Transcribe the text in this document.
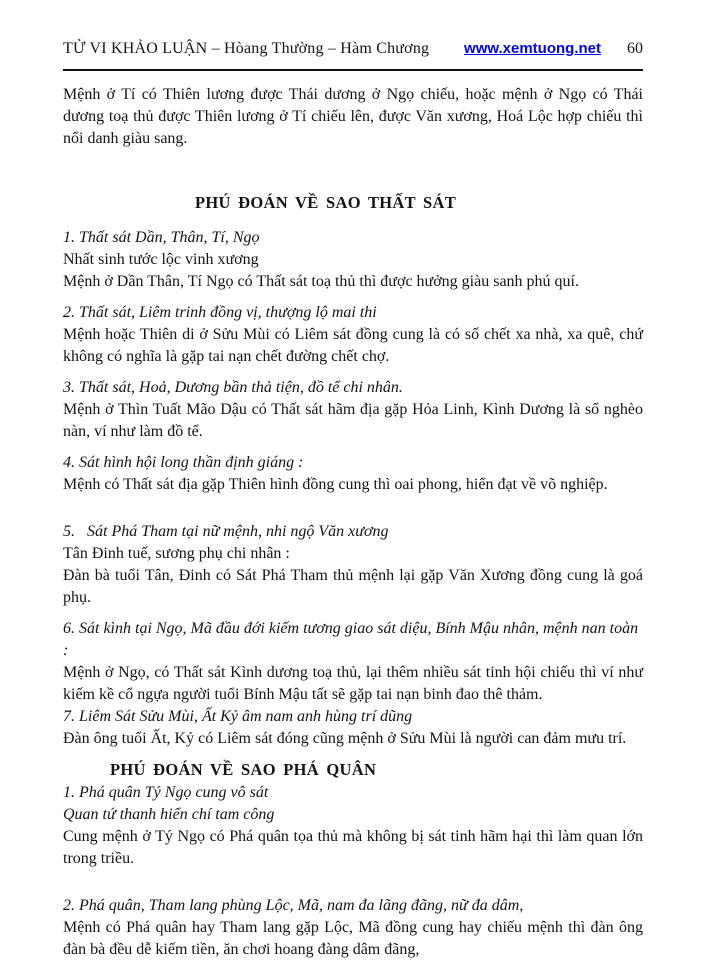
TỬ VI KHẢO LUẬN – Hòang Thường – Hàm Chương	www.xemtuong.net 60

Mệnh ở Tí có Thiên lương được Thái dương ở Ngọ chiếu, hoặc mệnh ở Ngọ có Thái dương toạ thủ được Thiên lương ở Tí chiếu lên, được Văn xương, Hoá Lộc hợp chiếu thì nổi danh giàu sang.

PHÚ ĐOÁN VỀ SAO THẤT SÁT
1. Thất sát Dần, Thân, Tí, Ngọ
Nhất sinh tước lộc vinh xương
Mệnh ở Dần Thân, Tí Ngọ có Thất sát toạ thủ thì được hưởng giàu sanh phú quí.
2. Thất sát, Liêm trinh đồng vị, thượng lộ mai thi
Mệnh hoặc Thiên di ở Sửu Mùi có Liêm sát đồng cung là có số chết xa nhà, xa quê, chứ không có nghĩa là gặp tai nạn chết đường chết chợ.
3. Thất sát, Hoả, Dương bần thả tiện, đồ tể chi nhân.
Mệnh ở Thìn Tuất Mão Dậu có Thất sát hãm địa gặp Hỏa Linh, Kình Dương là sổ nghèo nàn, ví như làm đồ tể.
4. Sát hình hội long thần định giáng :
Mệnh có Thất sát địa gặp Thiên hình đồng cung thì oai phong, hiển đạt về võ nghiệp.
5.   Sát Phá Tham tại nữ mệnh, nhi ngộ Văn xương
Tân Đinh tuế, sương phụ chi nhân :
Đàn bà tuổi Tân, Đinh có Sát Phá Tham thủ mệnh lại gặp Văn Xương đồng cung là goá phụ.
6. Sát kình tại Ngọ, Mã đầu đới kiếm tương giao sát diệu, Bính Mậu nhân, mệnh nan toàn :
Mệnh ở Ngọ, có Thất sát Kình dương toạ thủ, lại thêm nhiều sát tinh hội chiếu thì ví như kiếm kề cổ ngựa người tuổi Bính Mậu tất sẽ gặp tai nạn binh đao thê thảm.
7. Liêm Sát Sửu Mùi, Ất Kỷ âm nam anh hùng trí dũng
Đàn ông tuổi Ất, Kỷ có Liêm sát đóng cũng mệnh ở Sửu Mùi là người can đảm mưu trí.
PHÚ ĐOÁN VỀ SAO PHÁ QUÂN
1. Phá quân Tý Ngọ cung vô sát
Quan tứ thanh hiển chí tam công
Cung mệnh ở Tý Ngọ có Phá quân tọa thủ mà không bị sát tinh hãm hại thì làm quan lớn trong triều.
2. Phá quân, Tham lang phùng Lộc, Mã, nam đa lãng đãng, nữ đa dâm,
Mệnh có Phá quân hay Tham lang gặp Lộc, Mã đồng cung hay chiếu mệnh thì đàn ông đàn bà đều dễ kiếm tiền, ăn chơi hoang đàng dâm đãng,
